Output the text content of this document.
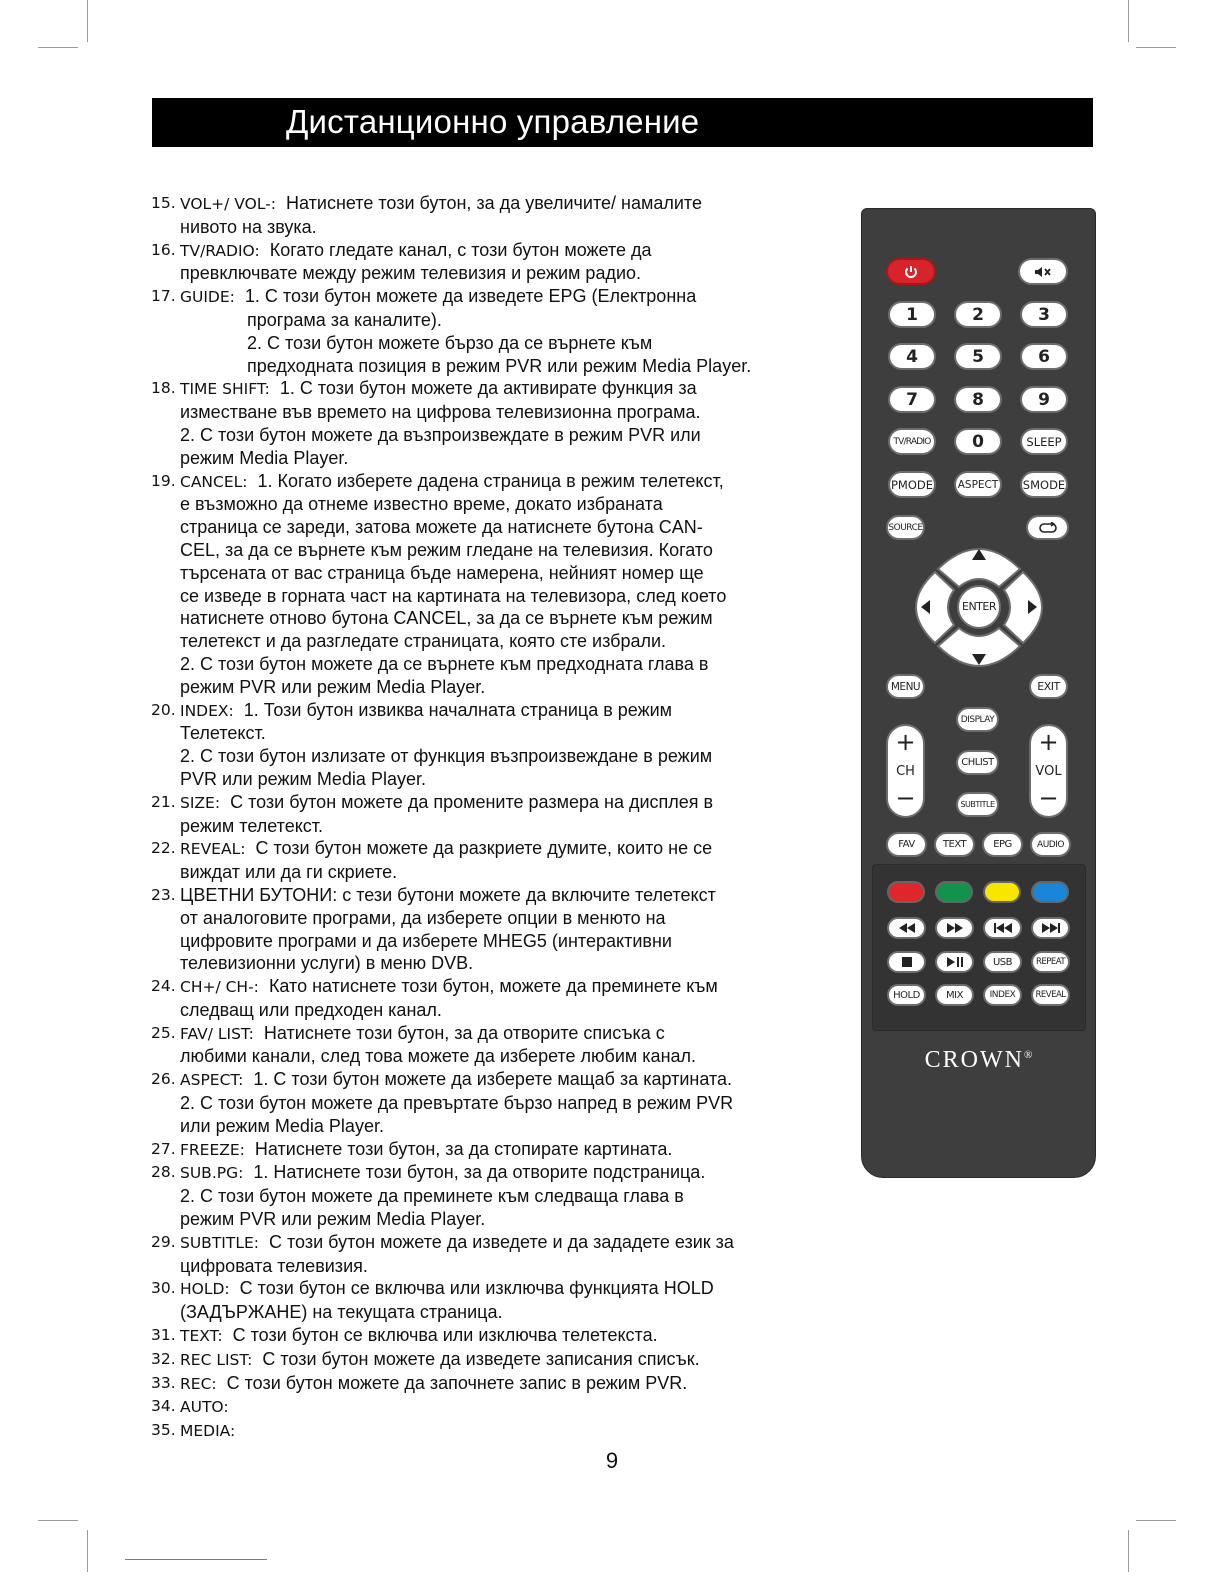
Дистанционно управление
15. VOL+/ VOL-: Натиснете този бутон, за да увеличите/ намалите
нивото на звука.
16. TV/RADIO: Когато гледате канал, с този бутон можете да
превключвате между режим телевизия и режим радио.
17. GUIDE: 1. С този бутон можете да изведете EPG (Електронна
програма за каналите).
2. С този бутон можете бързо да се върнете към
предходната позиция в режим PVR или режим Media Player.
18. TIME SHIFT: 1. С този бутон можете да активирате функция за
изместване във времето на цифрова телевизионна програма.
2. С този бутон можете да възпроизвеждате в режим PVR или
режим Media Player.
19. CANCEL: 1. Когато изберете дадена страница в режим телетекст,
е възможно да отнеме известно време, докато избраната
страница се зареди, затова можете да натиснете бутона CAN-
CEL, за да се върнете към режим гледане на телевизия. Когато
търсената от вас страница бъде намерена, нейният номер ще
се изведе в горната част на картината на телевизора, след което
натиснете отново бутона CANCEL, за да се върнете към режим
телетекст и да разгледате страницата, която сте избрали.
2. С този бутон можете да се върнете към предходната глава в
режим PVR или режим Media Player.
20. INDEX: 1. Този бутон извиква началната страница в режим
Телетекст.
2. С този бутон излизате от функция възпроизвеждане в режим
PVR или режим Media Player.
21. SIZE: С този бутон можете да промените размера на дисплея в
режим телетекст.
22. REVEAL: С този бутон можете да разкриете думите, които не се
виждат или да ги скриете.
23. ЦВЕТНИ БУТОНИ: с тези бутони можете да включите телетекст
от аналоговите програми, да изберете опции в менюто на
цифровите програми и да изберете MHEG5 (интерактивни
телевизионни услуги) в меню DVB.
24. CH+/ CH-: Като натиснете този бутон, можете да преминете към
следващ или предходен канал.
25. FAV/ LIST: Натиснете този бутон, за да отворите списъка с
любими канали, след това можете да изберете любим канал.
26. ASPECT: 1. С този бутон можете да изберете мащаб за картината.
2. С този бутон можете да превъртате бързо напред в режим PVR
или режим Media Player.
27. FREEZE: Натиснете този бутон, за да стопирате картината.
28. SUB.PG: 1. Натиснете този бутон, за да отворите подстраница.
2. С този бутон можете да преминете към следваща глава в
режим PVR или режим Media Player.
29. SUBTITLE: С този бутон можете да изведете и да зададете език за
цифровата телевизия.
30. HOLD: С този бутон се включва или изключва функцията HOLD
(ЗАДЪРЖАНЕ) на текущата страница.
31. TEXT: С този бутон се включва или изключва телетекста.
32. REC LIST: С този бутон можете да изведете записания списък.
33. REC: С този бутон можете да започнете запис в режим PVR.
34. AUTO:
35. MEDIA:
1	2	3
4	5	6
7	8	9
TV/RADIO	0	SLEEP
PMODE	ASPECT	SMODE
SOURCE
ENTER
MENU	EXIT
+
CH
−
+
VOL
−
DISPLAY
CHLIST
SUBTITLE
FAV	TEXT	EPG	AUDIO
USB	REPEAT
HOLD	MIX	INDEX	REVEAL
CROWN®
9
